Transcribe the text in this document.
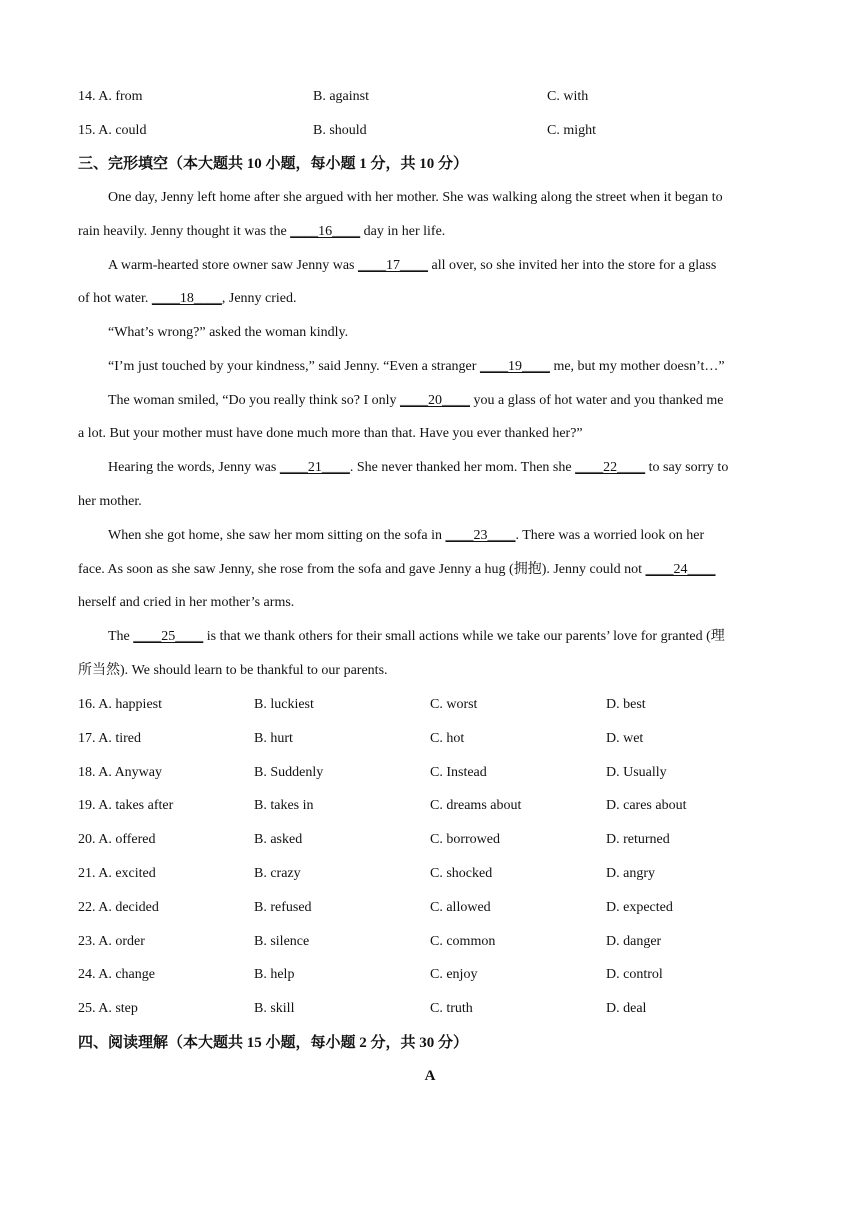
14. A. from	B. against	C. with
15. A. could	B. should	C. might
三、完形填空（本大题共 10 小题，每小题 1 分，共 10 分）
One day, Jenny left home after she argued with her mother. She was walking along the street when it began to
rain heavily. Jenny thought it was the ____16____ day in her life.
A warm-hearted store owner saw Jenny was ____17____ all over, so she invited her into the store for a glass
of hot water. ____18____, Jenny cried.
“What’s wrong?” asked the woman kindly.
“I’m just touched by your kindness,” said Jenny. “Even a stranger ____19____ me, but my mother doesn’t…”
The woman smiled, “Do you really think so? I only ____20____ you a glass of hot water and you thanked me
a lot. But your mother must have done much more than that. Have you ever thanked her?”
Hearing the words, Jenny was ____21____. She never thanked her mom. Then she ____22____ to say sorry to
her mother.
When she got home, she saw her mom sitting on the sofa in ____23____. There was a worried look on her
face. As soon as she saw Jenny, she rose from the sofa and gave Jenny a hug (拥抱). Jenny could not ____24____
herself and cried in her mother’s arms.
The ____25____ is that we thank others for their small actions while we take our parents’ love for granted (理
所当然). We should learn to be thankful to our parents.
16. A. happiest	B. luckiest	C. worst	D. best
17. A. tired	B. hurt	C. hot	D. wet
18. A. Anyway	B. Suddenly	C. Instead	D. Usually
19. A. takes after	B. takes in	C. dreams about	D. cares about
20. A. offered	B. asked	C. borrowed	D. returned
21. A. excited	B. crazy	C. shocked	D. angry
22. A. decided	B. refused	C. allowed	D. expected
23. A. order	B. silence	C. common	D. danger
24. A. change	B. help	C. enjoy	D. control
25. A. step	B. skill	C. truth	D. deal
四、阅读理解（本大题共 15 小题，每小题 2 分，共 30 分）
A
